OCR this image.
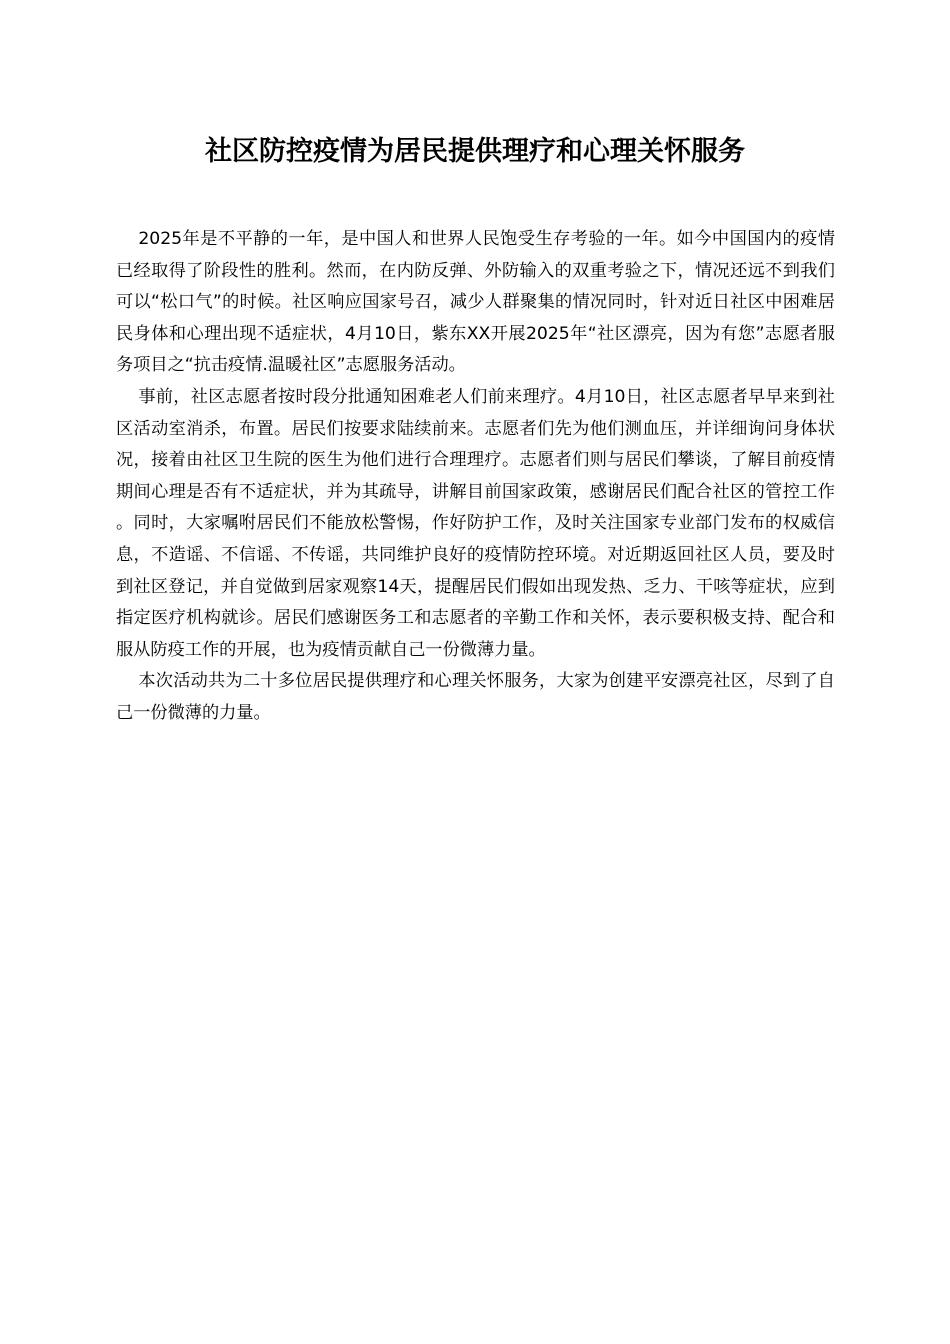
社区防控疫情为居民提供理疗和心理关怀服务

2025年是不平静的一年，是中国人和世界人民饱受生存考验的一年。如今中国国内的疫情已经取得了阶段性的胜利。然而，在内防反弹、外防输入的双重考验之下，情况还远不到我们可以“松口气”的时候。社区响应国家号召，减少人群聚集的情况同时，针对近日社区中困难居民身体和心理出现不适症状，4月10日，紫东XX开展2025年“社区漂亮，因为有您”志愿者服务项目之“抗击疫情.温暖社区”志愿服务活动。

事前，社区志愿者按时段分批通知困难老人们前来理疗。4月10日，社区志愿者早早来到社区活动室消杀，布置。居民们按要求陆续前来。志愿者们先为他们测血压，并详细询问身体状况，接着由社区卫生院的医生为他们进行合理理疗。志愿者们则与居民们攀谈，了解目前疫情期间心理是否有不适症状，并为其疏导，讲解目前国家政策，感谢居民们配合社区的管控工作。同时，大家嘱咐居民们不能放松警惕，作好防护工作，及时关注国家专业部门发布的权威信息，不造谣、不信谣、不传谣，共同维护良好的疫情防控环境。对近期返回社区人员，要及时到社区登记，并自觉做到居家观察14天，提醒居民们假如出现发热、乏力、干咳等症状，应到指定医疗机构就诊。居民们感谢医务工和志愿者的辛勤工作和关怀，表示要积极支持、配合和服从防疫工作的开展，也为疫情贡献自己一份微薄力量。

本次活动共为二十多位居民提供理疗和心理关怀服务，大家为创建平安漂亮社区，尽到了自己一份微薄的力量。
